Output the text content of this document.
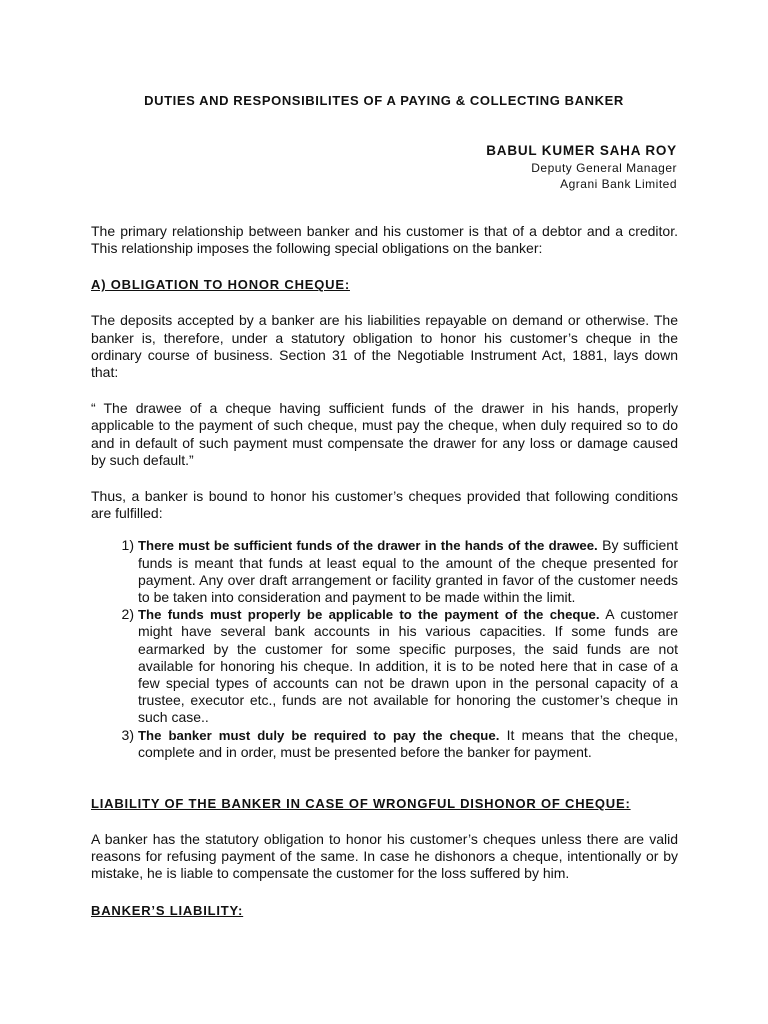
DUTIES AND RESPONSIBILITES OF A PAYING & COLLECTING BANKER
BABUL KUMER SAHA ROY
Deputy General Manager
Agrani Bank Limited

The primary relationship between banker and his customer is that of a debtor and a creditor. This relationship imposes the following special obligations on the banker:

A) OBLIGATION TO HONOR CHEQUE:

The deposits accepted by a banker are his liabilities repayable on demand or otherwise. The banker is, therefore, under a statutory obligation to honor his customer’s cheque in the ordinary course of business. Section 31 of the Negotiable Instrument Act, 1881, lays down that:

“ The drawee of a cheque having sufficient funds of the drawer in his hands, properly applicable to the payment of such cheque, must pay the cheque, when duly required so to do and in default of such payment must compensate the drawer for any loss or damage caused by such default.”

Thus, a banker is bound to honor his customer’s cheques provided that following conditions are fulfilled:

1) There must be sufficient funds of the drawer in the hands of the drawee. By sufficient funds is meant that funds at least equal to the amount of the cheque presented for payment. Any over draft arrangement or facility granted in favor of the customer needs to be taken into consideration and payment to be made within the limit.
2) The funds must properly be applicable to the payment of the cheque. A customer might have several bank accounts in his various capacities. If some funds are earmarked by the customer for some specific purposes, the said funds are not available for honoring his cheque. In addition, it is to be noted here that in case of a few special types of accounts can not be drawn upon in the personal capacity of a trustee, executor etc., funds are not available for honoring the customer’s cheque in such case..
3) The banker must duly be required to pay the cheque. It means that the cheque, complete and in order, must be presented before the banker for payment.
LIABILITY OF THE BANKER IN CASE OF WRONGFUL DISHONOR OF CHEQUE:

A banker has the statutory obligation to honor his customer’s cheques unless there are valid reasons for refusing payment of the same. In case he dishonors a cheque, intentionally or by mistake, he is liable to compensate the customer for the loss suffered by him.

BANKER’S LIABILITY:
